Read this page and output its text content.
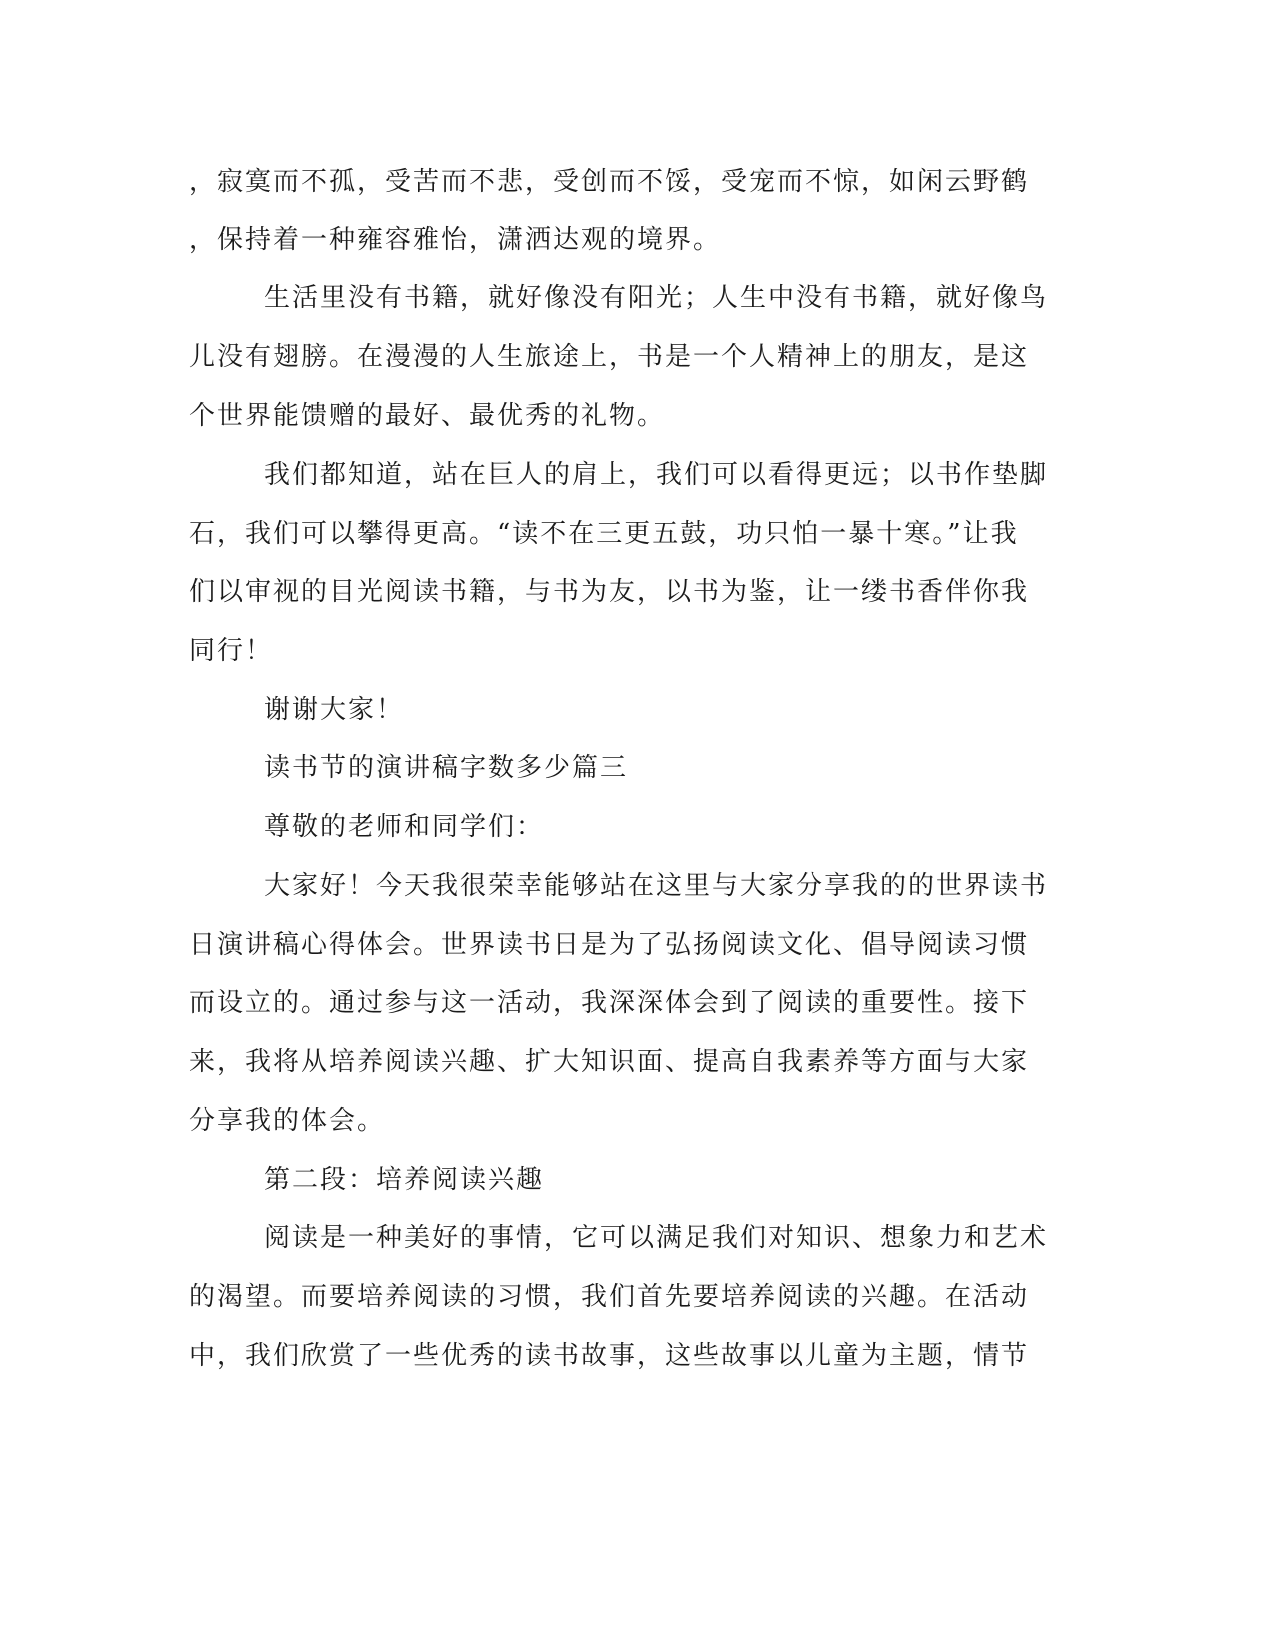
，寂寞而不孤，受苦而不悲，受创而不馁，受宠而不惊，如闲云野鹤
，保持着一种雍容雅怡，潇洒达观的境界。
生活里没有书籍，就好像没有阳光；人生中没有书籍，就好像鸟
儿没有翅膀。在漫漫的人生旅途上，书是一个人精神上的朋友，是这
个世界能馈赠的最好、最优秀的礼物。
我们都知道，站在巨人的肩上，我们可以看得更远；以书作垫脚
石，我们可以攀得更高。“读不在三更五鼓，功只怕一暴十寒。”让我
们以审视的目光阅读书籍，与书为友，以书为鉴，让一缕书香伴你我
同行！
谢谢大家！
读书节的演讲稿字数多少篇三
尊敬的老师和同学们：
大家好！今天我很荣幸能够站在这里与大家分享我的的世界读书
日演讲稿心得体会。世界读书日是为了弘扬阅读文化、倡导阅读习惯
而设立的。通过参与这一活动，我深深体会到了阅读的重要性。接下
来，我将从培养阅读兴趣、扩大知识面、提高自我素养等方面与大家
分享我的体会。
第二段：培养阅读兴趣
阅读是一种美好的事情，它可以满足我们对知识、想象力和艺术
的渴望。而要培养阅读的习惯，我们首先要培养阅读的兴趣。在活动
中，我们欣赏了一些优秀的读书故事，这些故事以儿童为主题，情节
